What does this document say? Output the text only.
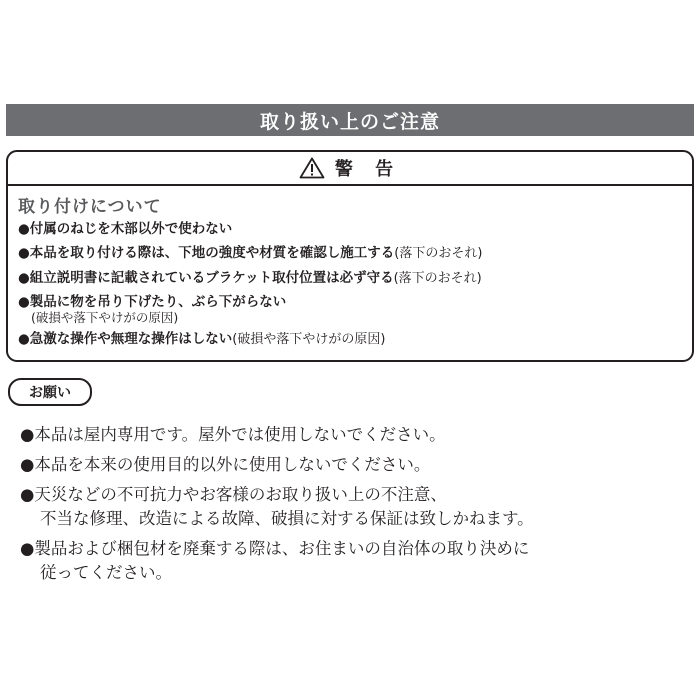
取り扱い上のご注意
警 告
取り付けについて
●付属のねじを木部以外で使わない
●本品を取り付ける際は、下地の強度や材質を確認し施工する(落下のおそれ)
●組立説明書に記載されているブラケット取付位置は必ず守る(落下のおそれ)
●製品に物を吊り下げたり、ぶら下がらない
(破損や落下やけがの原因)
●急激な操作や無理な操作はしない(破損や落下やけがの原因)
お願い
●本品は屋内専用です。屋外では使用しないでください。
●本品を本来の使用目的以外に使用しないでください。
●天災などの不可抗力やお客様のお取り扱い上の不注意、
不当な修理、改造による故障、破損に対する保証は致しかねます。
●製品および梱包材を廃棄する際は、お住まいの自治体の取り決めに
従ってください。
